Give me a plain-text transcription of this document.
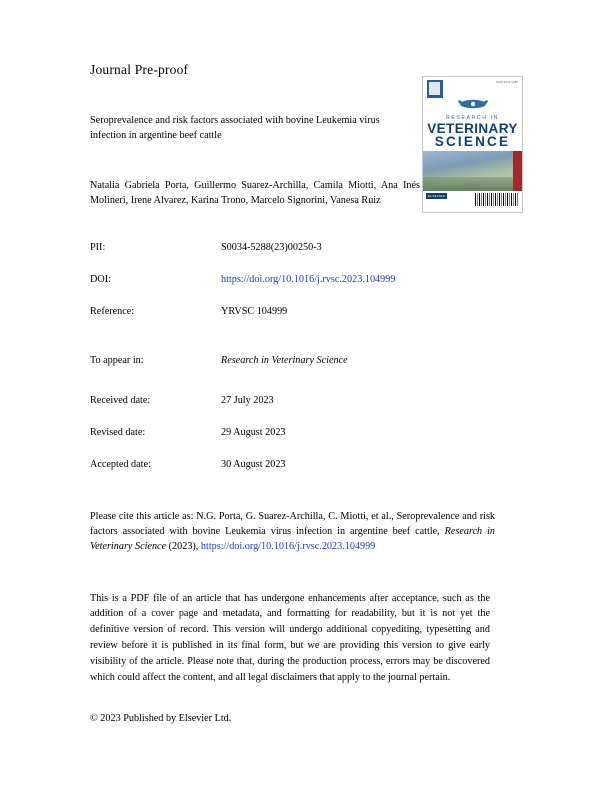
ISSN 0034-5288
RESEARCH IN
VETERINARY
SCIENCE
ELSEVIER
Journal Pre-proof
Seroprevalence and risk factors associated with bovine Leukemia virus infection in argentine beef cattle
Natalia Gabriela Porta, Guillermo Suarez-Archilla, Camila Miotti, Ana Inés Molineri, Irene Alvarez, Karina Trono, Marcelo Signorini, Vanesa Ruiz
PII:	S0034-5288(23)00250-3

DOI:	https://doi.org/10.1016/j.rvsc.2023.104999

Reference:	YRVSC 104999

To appear in:	Research in Veterinary Science

Received date:	27 July 2023

Revised date:	29 August 2023

Accepted date:	30 August 2023
Please cite this article as: N.G. Porta, G. Suarez-Archilla, C. Miotti, et al., Seroprevalence and risk factors associated with bovine Leukemia virus infection in argentine beef cattle, Research in Veterinary Science (2023), https://doi.org/10.1016/j.rvsc.2023.104999
This is a PDF file of an article that has undergone enhancements after acceptance, such as the addition of a cover page and metadata, and formatting for readability, but it is not yet the definitive version of record. This version will undergo additional copyediting, typesetting and review before it is published in its final form, but we are providing this version to give early visibility of the article. Please note that, during the production process, errors may be discovered which could affect the content, and all legal disclaimers that apply to the journal pertain.
© 2023 Published by Elsevier Ltd.
